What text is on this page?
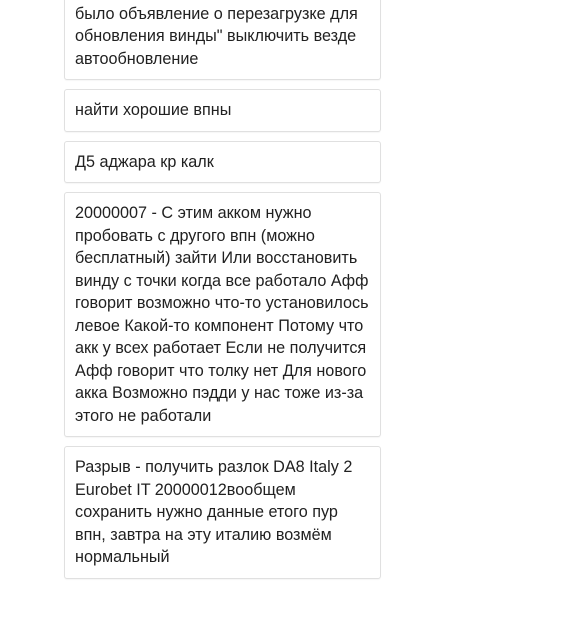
было объявление о перезагрузке для обновления винды" выключить везде автообновление

найти хорошие впны

Д5 аджара кр калк

20000007 - С этим акком нужно пробовать с другого впн (можно бесплатный) зайти Или восстановить винду с точки когда все работало Афф говорит возможно что-то установилось левое Какой-то компонент Потому что акк у всех работает Если не получится Афф говорит что толку нет Для нового акка Возможно пэдди у нас тоже из-за этого не работали

Разрыв - получить разлок DA8 Italy 2 Eurobet IT 20000012вообщем сохранить нужно данные етого пур впн, завтра на эту италию возмём нормальный
